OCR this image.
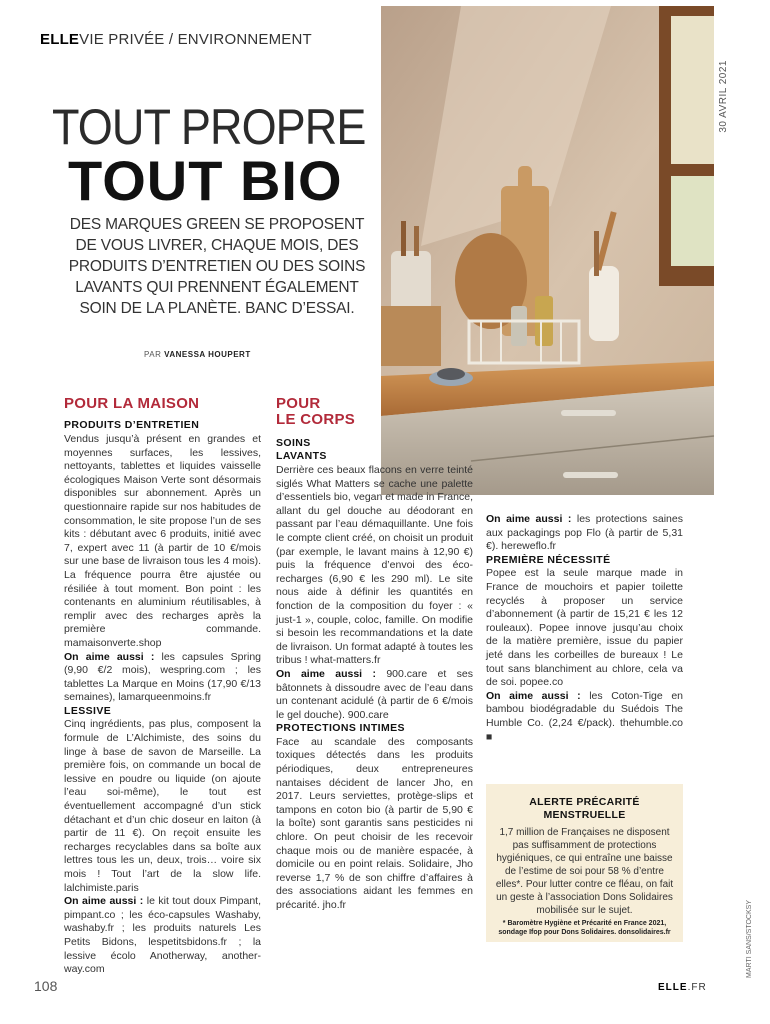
ELLEVIE PRIVÉE / ENVIRONNEMENT
30 AVRIL 2021
MARTI SANS/STOCKSY
TOUT PROPRE
TOUT BIO
DES MARQUES GREEN SE PROPOSENT DE VOUS LIVRER, CHAQUE MOIS, DES PRODUITS D’ENTRETIEN OU DES SOINS LAVANTS QUI PRENNENT ÉGALEMENT SOIN DE LA PLANÈTE. BANC D’ESSAI.
PAR VANESSA HOUPERT
POUR LA MAISON
PRODUITS D’ENTRETIEN

Vendus jusqu’à présent en grandes et moyennes surfaces, les lessives, nettoyants, tablettes et liquides vaisselle écologiques Maison Verte sont désormais disponibles sur abonnement. Après un questionnaire rapide sur nos habitudes de consommation, le site propose l’un de ses kits : débutant avec 6 produits, initié avec 7, expert avec 11 (à partir de 10 €/mois sur une base de livraison tous les 4 mois). La fréquence pourra être ajustée ou résiliée à tout moment. Bon point : les contenants en aluminium réutilisables, à remplir avec des recharges après la première commande. mamaisonverte.shop

On aime aussi : les capsules Spring (9,90 €/2 mois), wespring.com ; les tablettes La Marque en Moins (17,90 €/13 semaines), lamarqueenmoins.fr

LESSIVE

Cinq ingrédients, pas plus, composent la formule de L’Alchimiste, des soins du linge à base de savon de Marseille. La première fois, on commande un bocal de lessive en poudre ou liquide (on ajoute l’eau soi-même), le tout est éventuellement accompagné d’un stick détachant et d’un chic doseur en laiton (à partir de 11 €). On reçoit ensuite les recharges recyclables dans sa boîte aux lettres tous les un, deux, trois… voire six mois ! Tout l’art de la slow life. lalchimiste.paris

On aime aussi : le kit tout doux Pimpant, pimpant.co ; les éco-capsules Washaby, washaby.fr ; les produits naturels Les Petits Bidons, lespetitsbidons.fr ; la lessive écolo Anotherway, another-way.com

POUR
LE CORPS
SOINS
LAVANTS

Derrière ces beaux flacons en verre teinté siglés What Matters se cache une palette d’essentiels bio, vegan et made in France, allant du gel douche au déodorant en passant par l’eau démaquillante. Une fois le compte client créé, on choisit un produit (par exemple, le lavant mains à 12,90 €) puis la fréquence d’envoi des éco-recharges (6,90 € les 290 ml). Le site nous aide à définir les quantités en fonction de la composition du foyer : « just-1 », couple, coloc, famille. On modifie si besoin les recommandations et la date de livraison. Un format adapté à toutes les tribus ! what-matters.fr

On aime aussi : 900.care et ses bâtonnets à dissoudre avec de l’eau dans un contenant acidulé (à partir de 6 €/mois le gel douche). 900.care

PROTECTIONS INTIMES

Face au scandale des composants toxiques détectés dans les produits périodiques, deux entrepreneures nantaises décident de lancer Jho, en 2017. Leurs serviettes, protège-slips et tampons en coton bio (à partir de 5,90 € la boîte) sont garantis sans pesticides ni chlore. On peut choisir de les recevoir chaque mois ou de manière espacée, à domicile ou en point relais. Solidaire, Jho reverse 1,7 % de son chiffre d’affaires à des associations aidant les femmes en précarité. jho.fr

On aime aussi : les protections saines aux packagings pop Flo (à partir de 5,31 €). hereweflo.fr

PREMIÈRE NÉCESSITÉ

Popee est la seule marque made in France de mouchoirs et papier toilette recyclés à proposer un service d’abonnement (à partir de 15,21 € les 12 rouleaux). Popee innove jusqu’au choix de la matière première, issue du papier jeté dans les corbeilles de bureaux ! Le tout sans blanchiment au chlore, cela va de soi. popee.co

On aime aussi : les Coton-Tige en bambou biodégradable du Suédois The Humble Co. (2,24 €/pack). thehumble.co ■

ALERTE PRÉCARITÉ
MENSTRUELLE
1,7 million de Françaises ne disposent pas suffisamment de protections hygiéniques, ce qui entraîne une baisse de l’estime de soi pour 58 % d’entre elles*. Pour lutter contre ce fléau, on fait un geste à l’association Dons Solidaires mobilisée sur le sujet.
* Baromètre Hygiène et Précarité en France 2021, sondage Ifop pour Dons Solidaires. donsolidaires.fr
108	ELLE.FR
